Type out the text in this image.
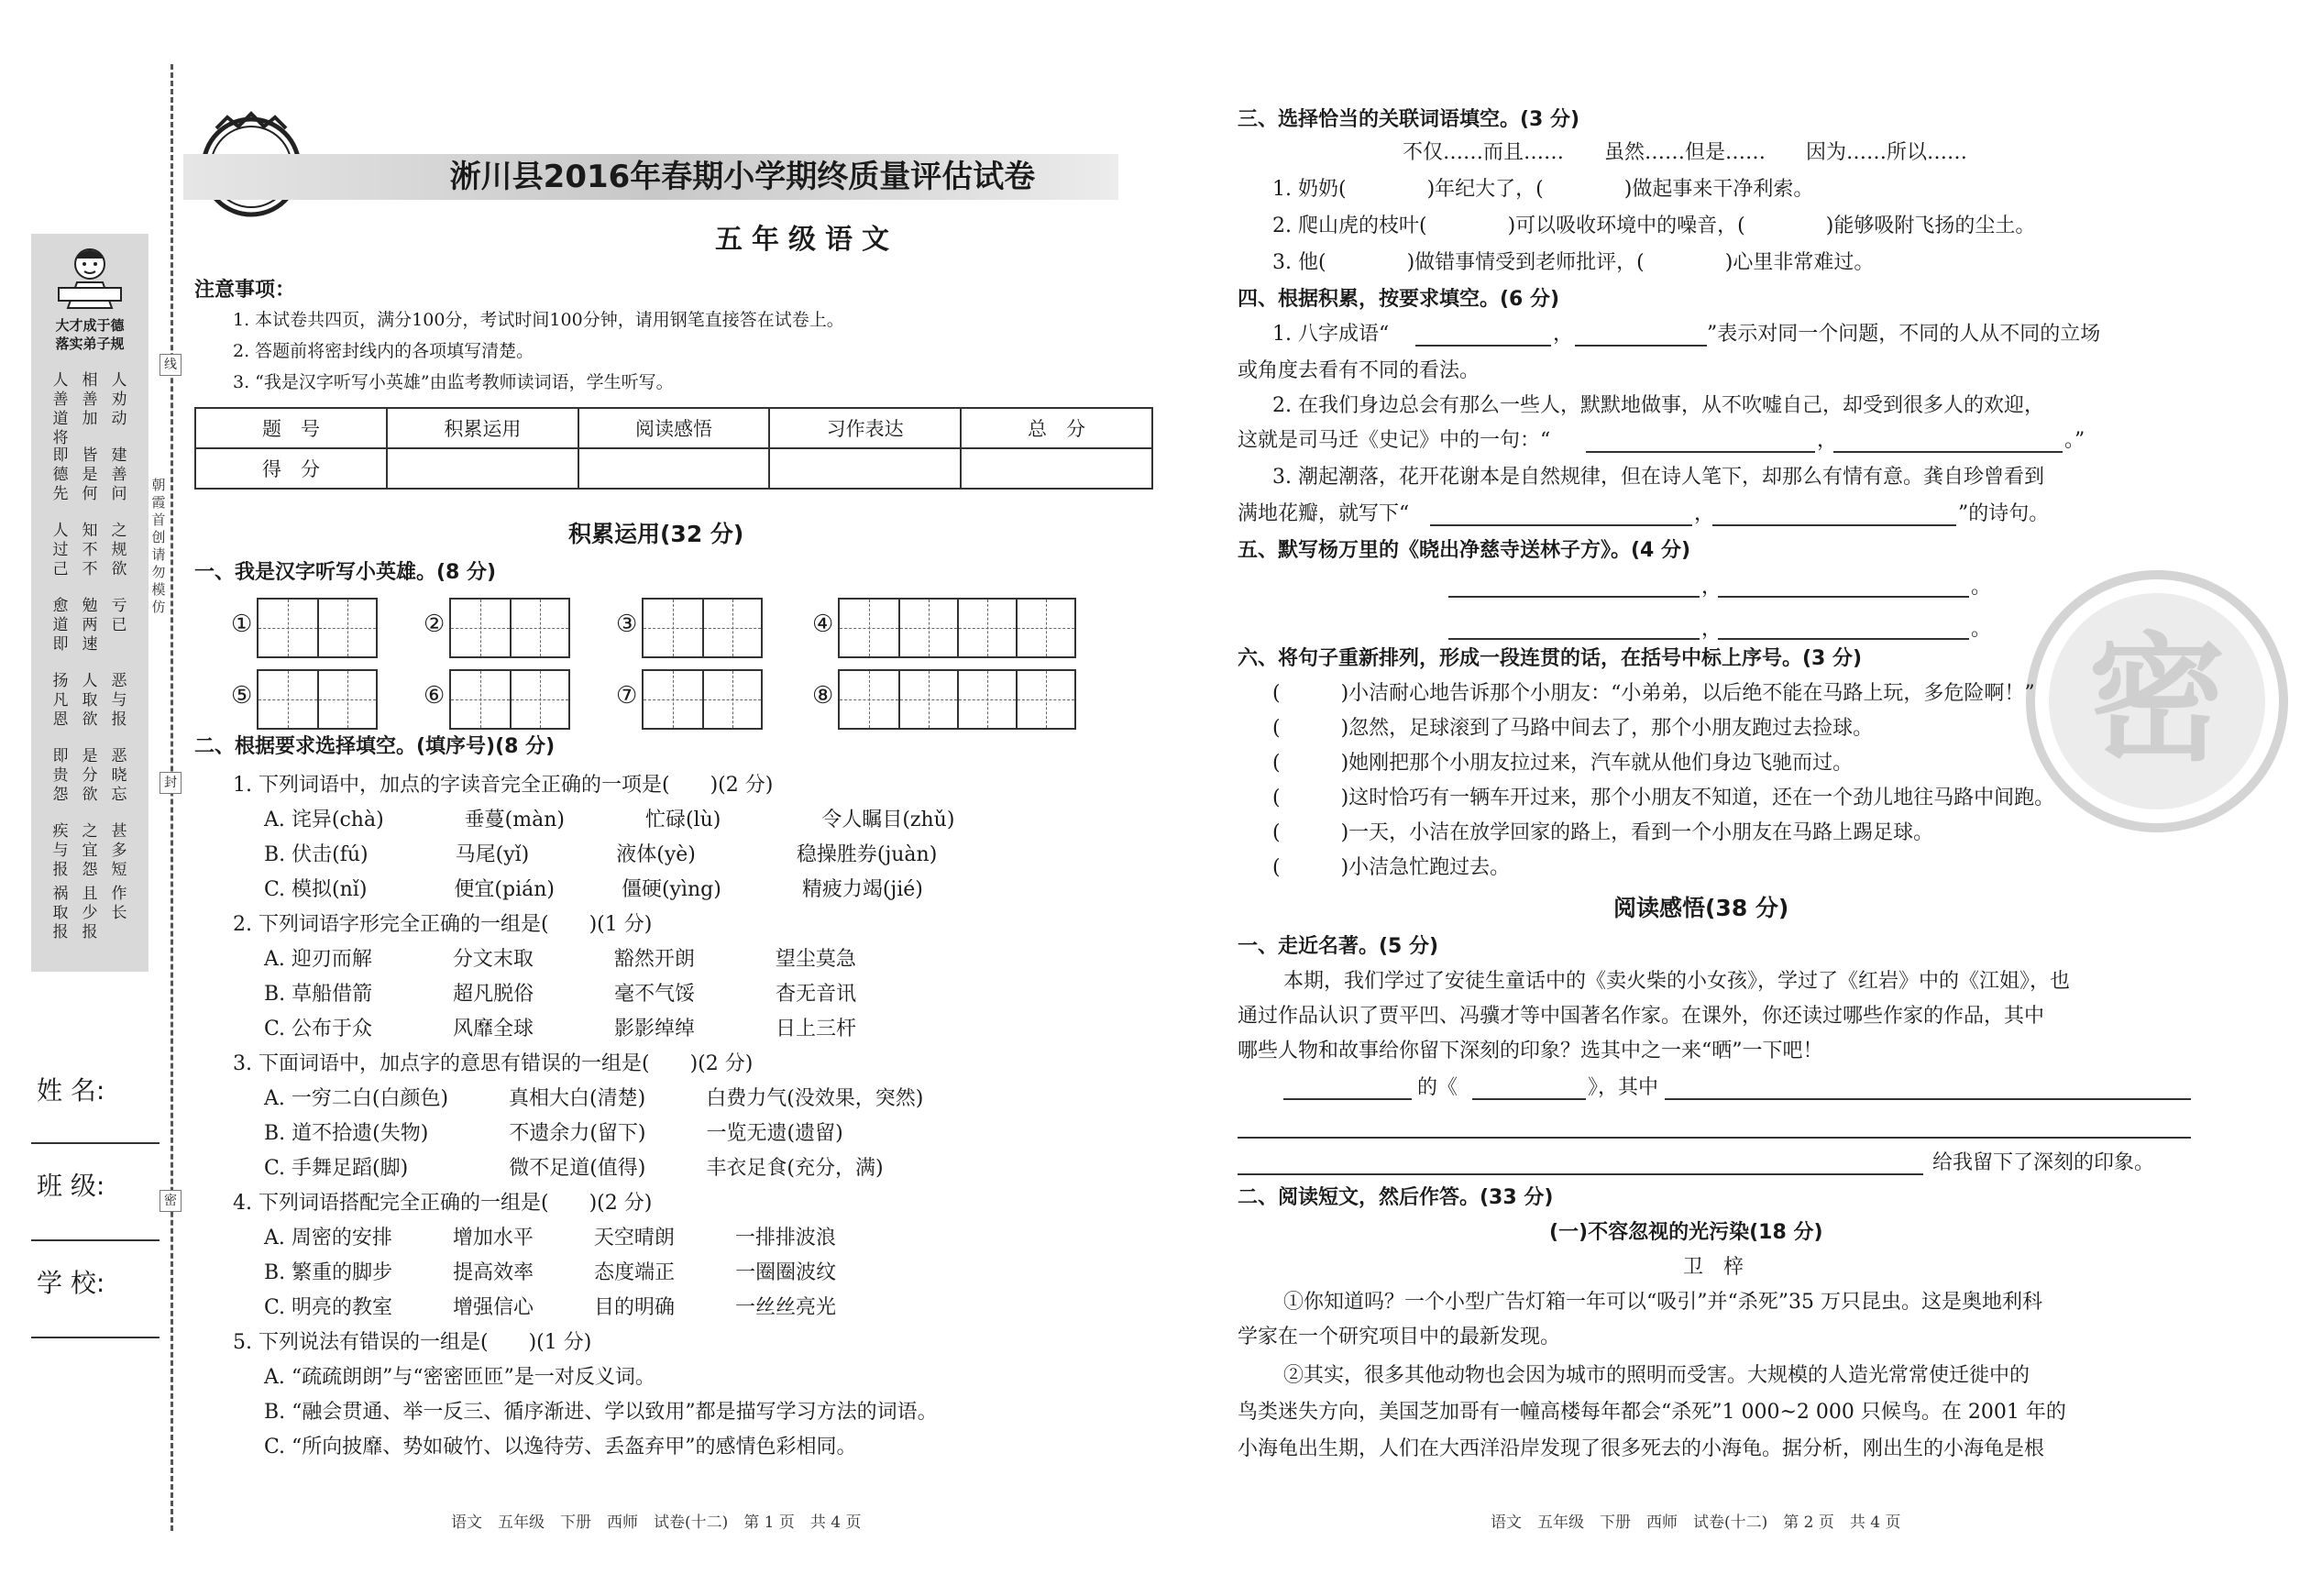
大才成于德
落实弟子规
人善道将
相善加
人劝动
即德先
皆是何
建善问
人过己
知不不
之规欲
愈道即
勉两速
亏已
扬凡恩
人取欲
恶与报
即贵怨
是分欲
恶晓忘
疾与报
之宜怨
甚多短
祸取报
且少报
作长
朝霞首创　请勿模仿
线
封
密
姓 名:
班 级:
学 校:
淅川县2016年春期小学期终质量评估试卷
五年级语文
注意事项：
1. 本试卷共四页，满分100分，考试时间100分钟，请用钢笔直接答在试卷上。
2. 答题前将密封线内的各项填写清楚。
3. “我是汉字听写小英雄”由监考教师读词语，学生听写。
题　号	积累运用	阅读感悟	习作表达	总　分
得　分				
积累运用(32 分)
一、我是汉字听写小英雄。(8 分)
①	②	③	④
⑤	⑥	⑦	⑧
二、根据要求选择填空。(填序号)(8 分)
1. 下列词语中，加点的字读音完全正确的一项是(　　)(2 分)
A. 诧异(chà)　　　　垂蔓(màn)　　　　忙碌(lù)　　　　　令人瞩目(zhǔ)
B. 伏击(fú)　　　　 马尾(yǐ)　　　　 液体(yè)　　　　　稳操胜券(juàn)
C. 模拟(nǐ)　　　　 便宜(pián)　　　 僵硬(yìng)　　　　精疲力竭(jié)
2. 下列词语字形完全正确的一组是(　　)(1 分)
A. 迎刃而解　　　　分文末取　　　　豁然开朗　　　　望尘莫急
B. 草船借箭　　　　超凡脱俗　　　　毫不气馁　　　　杳无音讯
C. 公布于众　　　　风靡全球　　　　影影绰绰　　　　日上三杆
3. 下面词语中，加点字的意思有错误的一组是(　　)(2 分)
A. 一穷二白(白颜色)　　　真相大白(清楚)　　　白费力气(没效果，突然)
B. 道不拾遗(失物)　　　　不遗余力(留下)　　　一览无遗(遗留)
C. 手舞足蹈(脚)　　　　　微不足道(值得)　　　丰衣足食(充分，满)
4. 下列词语搭配完全正确的一组是(　　)(2 分)
A. 周密的安排　　　增加水平　　　天空晴朗　　　一排排波浪
B. 繁重的脚步　　　提高效率　　　态度端正　　　一圈圈波纹
C. 明亮的教室　　　增强信心　　　目的明确　　　一丝丝亮光
5. 下列说法有错误的一组是(　　)(1 分)
A. “疏疏朗朗”与“密密匝匝”是一对反义词。
B. “融会贯通、举一反三、循序渐进、学以致用”都是描写学习方法的词语。
C. “所向披靡、势如破竹、以逸待劳、丢盔弃甲”的感情色彩相同。
语文　五年级　下册　西师　试卷(十二)　第 1 页　共 4 页
密
三、选择恰当的关联词语填空。(3 分)
不仅……而且……　　虽然……但是……　　因为……所以……
1. 奶奶(　　　　)年纪大了，(　　　　)做起事来干净利索。
2. 爬山虎的枝叶(　　　　)可以吸收环境中的噪音，(　　　　)能够吸附飞扬的尘土。
3. 他(　　　　)做错事情受到老师批评，(　　　　)心里非常难过。
四、根据积累，按要求填空。(6 分)
1. 八字成语“	，	”表示对同一个问题，不同的人从不同的立场
或角度去看有不同的看法。
2. 在我们身边总会有那么一些人，默默地做事，从不吹嘘自己，却受到很多人的欢迎，
这就是司马迁《史记》中的一句：“	，	。”
3. 潮起潮落，花开花谢本是自然规律，但在诗人笔下，却那么有情有意。龚自珍曾看到
满地花瓣，就写下“	，	”的诗句。
五、默写杨万里的《晓出净慈寺送林子方》。(4 分)
，	。
，	。
六、将句子重新排列，形成一段连贯的话，在括号中标上序号。(3 分)
(　　　)小洁耐心地告诉那个小朋友：“小弟弟，以后绝不能在马路上玩，多危险啊！”
(　　　)忽然，足球滚到了马路中间去了，那个小朋友跑过去捡球。
(　　　)她刚把那个小朋友拉过来，汽车就从他们身边飞驰而过。
(　　　)这时恰巧有一辆车开过来，那个小朋友不知道，还在一个劲儿地往马路中间跑。
(　　　)一天，小洁在放学回家的路上，看到一个小朋友在马路上踢足球。
(　　　)小洁急忙跑过去。
阅读感悟(38 分)
一、走近名著。(5 分)
本期，我们学过了安徒生童话中的《卖火柴的小女孩》，学过了《红岩》中的《江姐》，也
通过作品认识了贾平凹、冯骥才等中国著名作家。在课外，你还读过哪些作家的作品，其中
哪些人物和故事给你留下深刻的印象？选其中之一来“晒”一下吧！
的《	》，其中
给我留下了深刻的印象。
二、阅读短文，然后作答。(33 分)
(一)不容忽视的光污染(18 分)
卫　梓
①你知道吗？一个小型广告灯箱一年可以“吸引”并“杀死”35 万只昆虫。这是奥地利科
学家在一个研究项目中的最新发现。
②其实，很多其他动物也会因为城市的照明而受害。大规模的人造光常常使迁徙中的
鸟类迷失方向，美国芝加哥有一幢高楼每年都会“杀死”1 000~2 000 只候鸟。在 2001 年的
小海龟出生期，人们在大西洋沿岸发现了很多死去的小海龟。据分析，刚出生的小海龟是根
语文　五年级　下册　西师　试卷(十二)　第 2 页　共 4 页
